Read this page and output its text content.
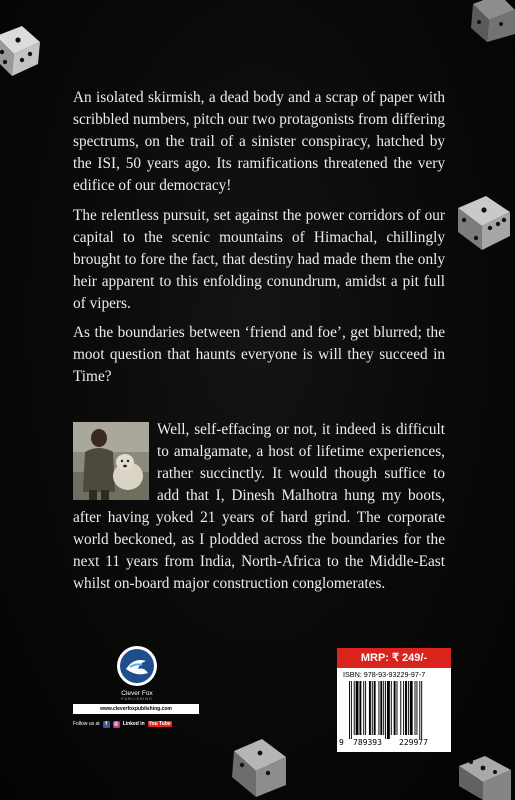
An isolated skirmish, a dead body and a scrap of paper with scribbled numbers, pitch our two protagonists from differing spectrums, on the trail of a sinister conspiracy, hatched by the ISI, 50 years ago. Its ramifications threatened the very edifice of our democracy!

The relentless pursuit, set against the power corridors of our capital to the scenic mountains of Himachal, chillingly brought to fore the fact, that destiny had made them the only heir apparent to this enfolding conundrum, amidst a pit full of vipers.

As the boundaries between ‘friend and foe’, get blurred; the moot question that haunts everyone is will they succeed in Time?

Well, self-effacing or not, it indeed is difficult to amalgamate, a host of lifetime experiences, rather succinctly. It would though suffice to add that I, Dinesh Malhotra hung my boots, after having yoked 21 years of hard grind. The corporate world beckoned, as I plodded across the boundaries for the next 11 years from India, North-Africa to the Middle-East whilst on-board major construction conglomerates.

Clever Fox
PUBLISHING
www.cleverfoxpublishing.com
Follow us at	f	◎ Linked in You Tube
MRP: ₹ 249/-
ISBN: 978-93-93229-97-7
9 789393 229977
